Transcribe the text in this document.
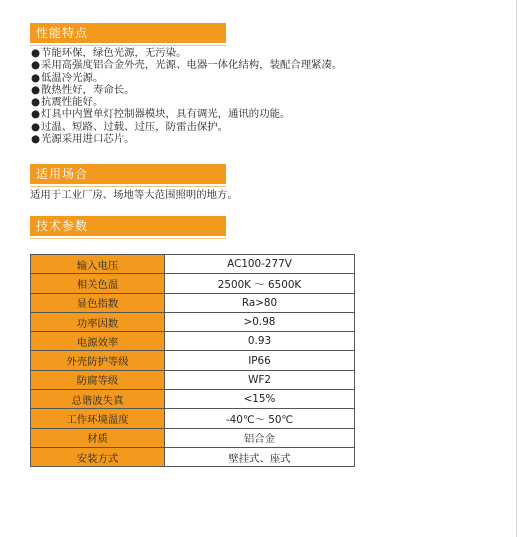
性能特点
●节能环保，绿色光源，无污染。
●采用高强度铝合金外壳，光源、电器一体化结构，装配合理紧凑。
●低温冷光源。
●散热性好，寿命长。
●抗震性能好。
●灯具中内置单灯控制器模块，具有调光，通讯的功能。
●过温、短路、过载、过压，防雷击保护。
●光源采用进口芯片。
适用场合
适用于工业厂房、场地等大范围照明的地方。
技术参数
输入电压	AC100-277V
相关色温	2500K ～ 6500K
显色指数	Ra>80
功率因数	>0.98
电源效率	0.93
外壳防护等级	IP66
防腐等级	WF2
总谐波失真	<15%
工作环境温度	-40℃～ 50℃
材质	铝合金
安装方式	壁挂式、座式
